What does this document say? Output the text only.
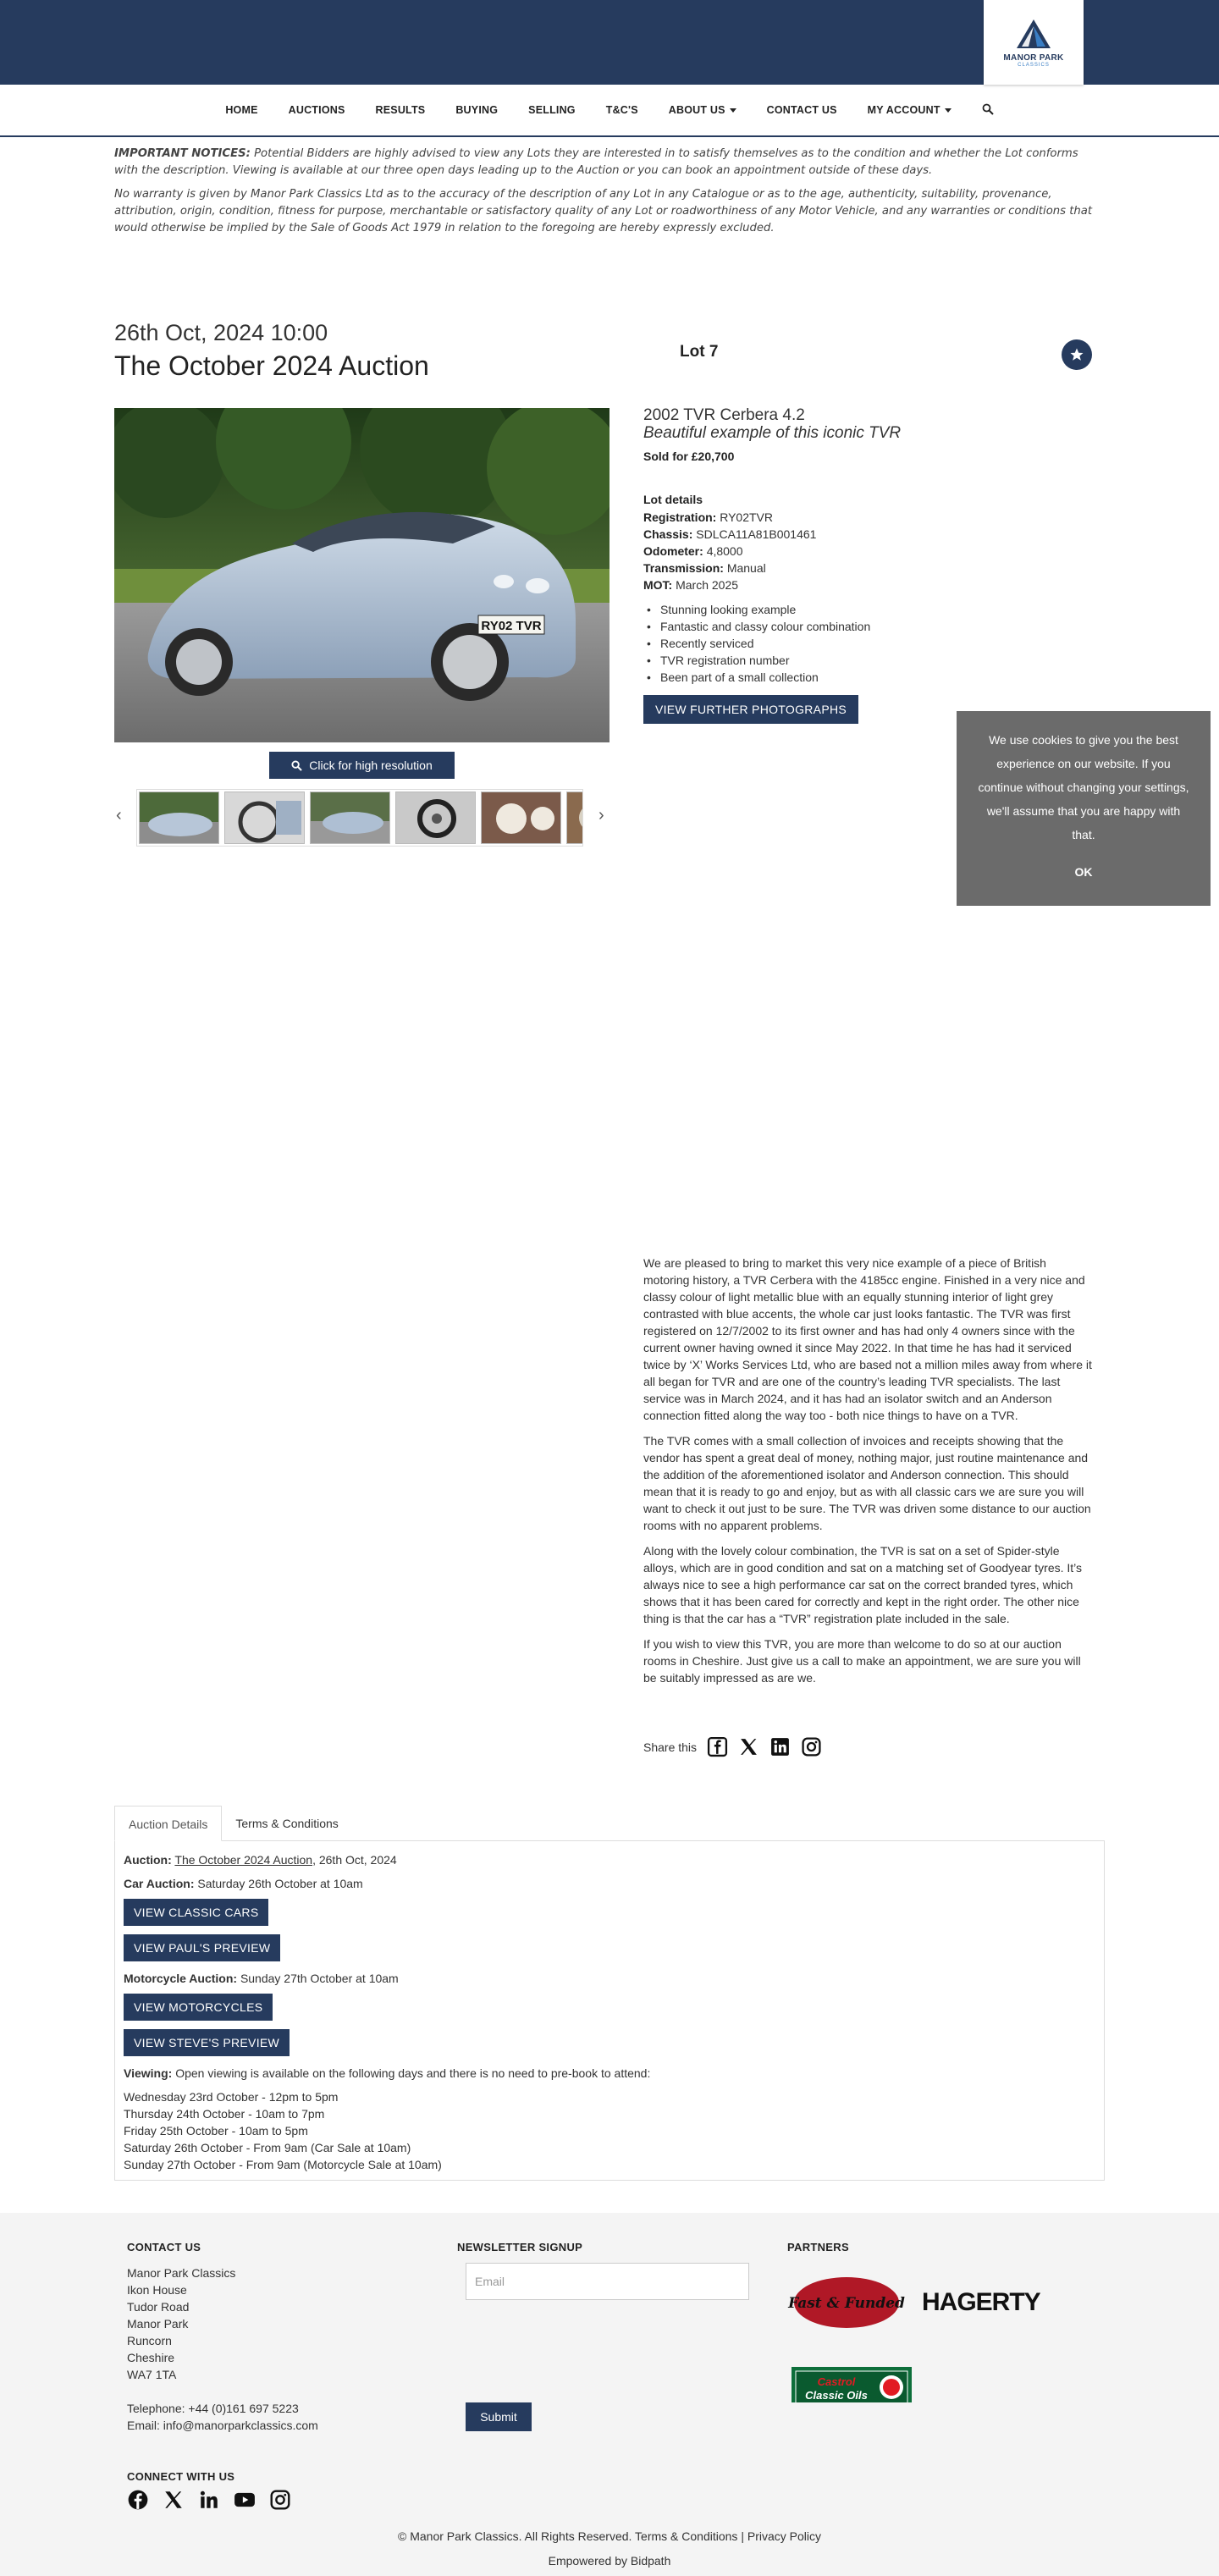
MANOR PARK
CLASSICS
HOME	AUCTIONS	RESULTS	BUYING	SELLING	T&C'S	ABOUT US	CONTACT US	MY ACCOUNT

IMPORTANT NOTICES: Potential Bidders are highly advised to view any Lots they are interested in to satisfy themselves as to the condition and whether the Lot conforms with the description. Viewing is available at our three open days leading up to the Auction or you can book an appointment outside of these days.

No warranty is given by Manor Park Classics Ltd as to the accuracy of the description of any Lot in any Catalogue or as to the age, authenticity, suitability, provenance, attribution, origin, condition, fitness for purpose, merchantable or satisfactory quality of any Lot or roadworthiness of any Motor Vehicle, and any warranties or conditions that would otherwise be implied by the Sale of Goods Act 1979 in relation to the foregoing are hereby expressly excluded.

26th Oct, 2024 10:00
The October 2024 Auction	Lot 7
RY02 TVR
Click for high resolution
‹	›
2002 TVR Cerbera 4.2
Beautiful example of this iconic TVR
Sold for £20,700
Lot details
Registration: RY02TVR
Chassis: SDLCA11A81B001461
Odometer: 4,8000
Transmission: Manual
MOT: March 2025
• Stunning looking example
• Fantastic and classy colour combination
• Recently serviced
• TVR registration number
• Been part of a small collection
VIEW FURTHER PHOTOGRAPHS
We use cookies to give you the best experience on our website. If you continue without changing your settings, we'll assume that you are happy with that.
OK

We are pleased to bring to market this very nice example of a piece of British motoring history, a TVR Cerbera with the 4185cc engine. Finished in a very nice and classy colour of light metallic blue with an equally stunning interior of light grey contrasted with blue accents, the whole car just looks fantastic. The TVR was first registered on 12/7/2002 to its first owner and has had only 4 owners since with the current owner having owned it since May 2022. In that time he has had it serviced twice by ‘X’ Works Services Ltd, who are based not a million miles away from where it all began for TVR and are one of the country’s leading TVR specialists. The last service was in March 2024, and it has had an isolator switch and an Anderson connection fitted along the way too - both nice things to have on a TVR.

The TVR comes with a small collection of invoices and receipts showing that the vendor has spent a great deal of money, nothing major, just routine maintenance and the addition of the aforementioned isolator and Anderson connection. This should mean that it is ready to go and enjoy, but as with all classic cars we are sure you will want to check it out just to be sure. The TVR was driven some distance to our auction rooms with no apparent problems.

Along with the lovely colour combination, the TVR is sat on a set of Spider-style alloys, which are in good condition and sat on a matching set of Goodyear tyres. It’s always nice to see a high performance car sat on the correct branded tyres, which shows that it has been cared for correctly and kept in the right order. The other nice thing is that the car has a “TVR” registration plate included in the sale.

If you wish to view this TVR, you are more than welcome to do so at our auction rooms in Cheshire. Just give us a call to make an appointment, we are sure you will be suitably impressed as are we.

Share this
Auction Details	Terms & Conditions
Auction: The October 2024 Auction, 26th Oct, 2024
Car Auction: Saturday 26th October at 10am
VIEW CLASSIC CARS
VIEW PAUL'S PREVIEW
Motorcycle Auction: Sunday 27th October at 10am
VIEW MOTORCYCLES
VIEW STEVE'S PREVIEW
Viewing: Open viewing is available on the following days and there is no need to pre-book to attend:
Wednesday 23rd October - 12pm to 5pm
Thursday 24th October - 10am to 7pm
Friday 25th October - 10am to 5pm
Saturday 26th October - From 9am (Car Sale at 10am)
Sunday 27th October - From 9am (Motorcycle Sale at 10am)
CONTACT US
Manor Park Classics
Ikon House
Tudor Road
Manor Park
Runcorn
Cheshire
WA7 1TA
Telephone: +44 (0)161 697 5223
Email: info@manorparkclassics.com
NEWSLETTER SIGNUP
Email
Submit
PARTNERS
Fast & Funded HAGERTY
Castrol
Classic Oils
CONNECT WITH US
© Manor Park Classics. All Rights Reserved. Terms & Conditions | Privacy Policy
Empowered by Bidpath
